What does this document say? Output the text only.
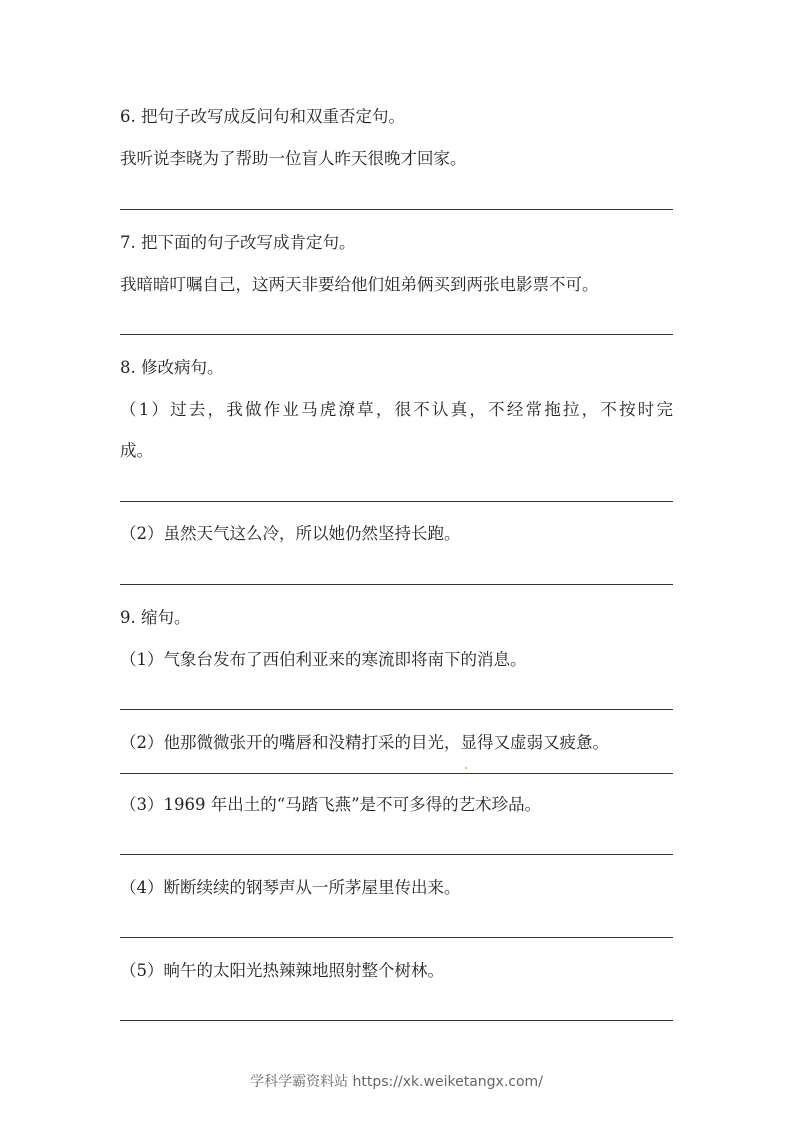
6. 把句子改写成反问句和双重否定句。
我听说李晓为了帮助一位盲人昨天很晚才回家。
7. 把下面的句子改写成肯定句。
我暗暗叮嘱自己，这两天非要给他们姐弟俩买到两张电影票不可。
8. 修改病句。
（1）过去，我做作业马虎潦草，很不认真，不经常拖拉，不按时完
成。
（2）虽然天气这么冷，所以她仍然坚持长跑。
9. 缩句。
（1）气象台发布了西伯利亚来的寒流即将南下的消息。
（2）他那微微张开的嘴唇和没精打采的目光，显得又虚弱又疲惫。
（3）1969 年出土的“马踏飞燕”是不可多得的艺术珍品。
（4）断断续续的钢琴声从一所茅屋里传出来。
（5）晌午的太阳光热辣辣地照射整个树林。
学科学霸资料站 https://xk.weiketangx.com/
